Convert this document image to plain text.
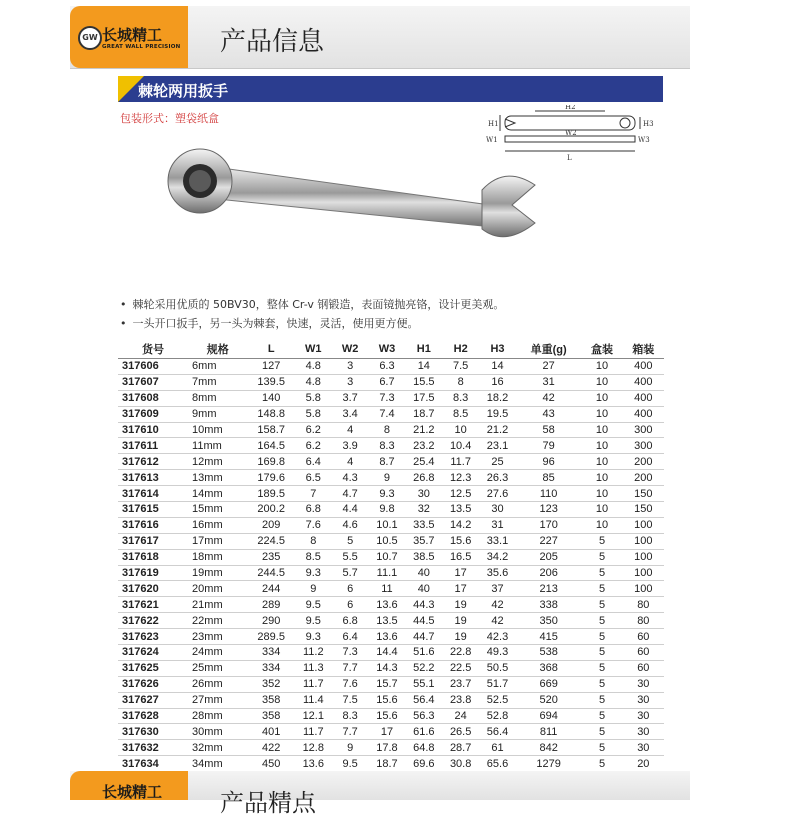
GW 长城精工
GREAT WALL PRECISION 产品信息
棘轮两用扳手
包装形式：塑袋纸盒
H2
H1	H3
W1
W2
W3
L
• 棘轮采用优质的 50BV30，整体 Cr-v 钢锻造，表面镜抛亮铬，设计更美观。
• 一头开口扳手，另一头为棘套，快速，灵活，使用更方便。
货号	规格	L	W1	W2	W3	H1	H2	H3	单重(g)	盒装	箱装
317606	6mm	127	4.8	3	6.3	14	7.5	14	27	10	400
317607	7mm	139.5	4.8	3	6.7	15.5	8	16	31	10	400
317608	8mm	140	5.8	3.7	7.3	17.5	8.3	18.2	42	10	400
317609	9mm	148.8	5.8	3.4	7.4	18.7	8.5	19.5	43	10	400
317610	10mm	158.7	6.2	4	8	21.2	10	21.2	58	10	300
317611	11mm	164.5	6.2	3.9	8.3	23.2	10.4	23.1	79	10	300
317612	12mm	169.8	6.4	4	8.7	25.4	11.7	25	96	10	200
317613	13mm	179.6	6.5	4.3	9	26.8	12.3	26.3	85	10	200
317614	14mm	189.5	7	4.7	9.3	30	12.5	27.6	110	10	150
317615	15mm	200.2	6.8	4.4	9.8	32	13.5	30	123	10	150
317616	16mm	209	7.6	4.6	10.1	33.5	14.2	31	170	10	100
317617	17mm	224.5	8	5	10.5	35.7	15.6	33.1	227	5	100
317618	18mm	235	8.5	5.5	10.7	38.5	16.5	34.2	205	5	100
317619	19mm	244.5	9.3	5.7	11.1	40	17	35.6	206	5	100
317620	20mm	244	9	6	11	40	17	37	213	5	100
317621	21mm	289	9.5	6	13.6	44.3	19	42	338	5	80
317622	22mm	290	9.5	6.8	13.5	44.5	19	42	350	5	80
317623	23mm	289.5	9.3	6.4	13.6	44.7	19	42.3	415	5	60
317624	24mm	334	11.2	7.3	14.4	51.6	22.8	49.3	538	5	60
317625	25mm	334	11.3	7.7	14.3	52.2	22.5	50.5	368	5	60
317626	26mm	352	11.7	7.6	15.7	55.1	23.7	51.7	669	5	30
317627	27mm	358	11.4	7.5	15.6	56.4	23.8	52.5	520	5	30
317628	28mm	358	12.1	8.3	15.6	56.3	24	52.8	694	5	30
317630	30mm	401	11.7	7.7	17	61.6	26.5	56.4	811	5	30
317632	32mm	422	12.8	9	17.8	64.8	28.7	61	842	5	30
317634	34mm	450	13.6	9.5	18.7	69.6	30.8	65.6	1279	5	20

长城精工 产品精点
